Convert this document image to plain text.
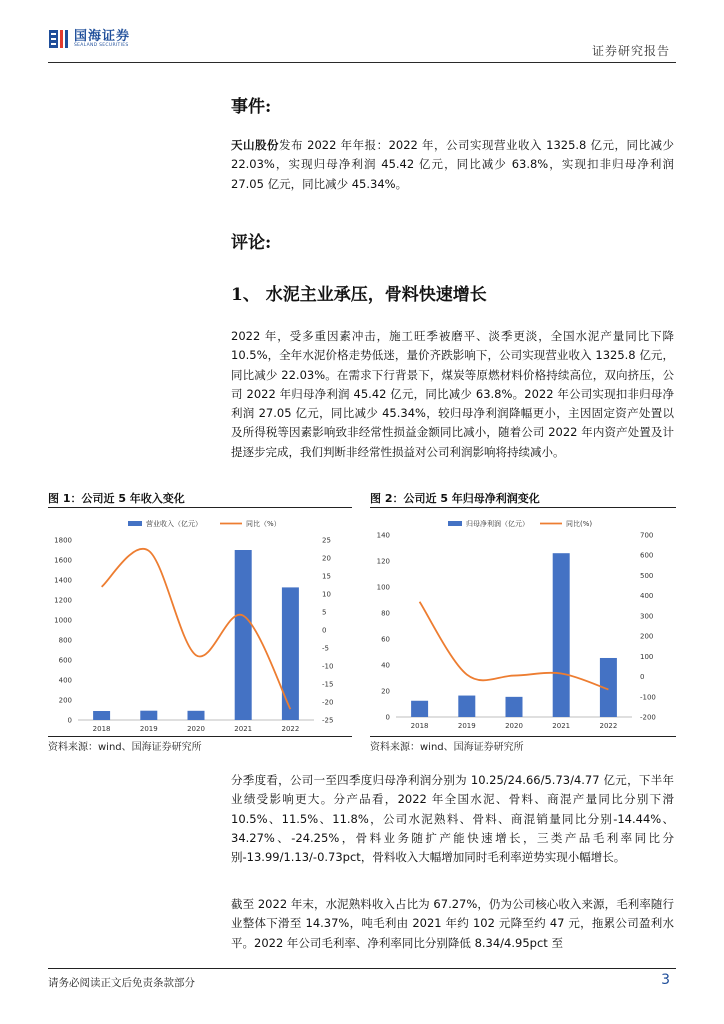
国海证券
SEALAND SECURITIES	证券研究报告
事件:
天山股份发布 2022 年年报：2022 年，公司实现营业收入 1325.8 亿元，同比减少 22.03%，实现归母净利润 45.42 亿元，同比减少 63.8%，实现扣非归母净利润 27.05 亿元，同比减少 45.34%。
评论:
1、 水泥主业承压，骨料快速增长
2022 年，受多重因素冲击，施工旺季被磨平、淡季更淡，全国水泥产量同比下降 10.5%，全年水泥价格走势低迷，量价齐跌影响下，公司实现营业收入 1325.8 亿元，同比减少 22.03%。在需求下行背景下，煤炭等原燃材料价格持续高位，双向挤压，公司 2022 年归母净利润 45.42 亿元，同比减少 63.8%。2022 年公司实现扣非归母净利润 27.05 亿元，同比减少 45.34%，较归母净利润降幅更小，主因固定资产处置以及所得税等因素影响致非经常性损益金额同比减小，随着公司 2022 年内资产处置及计提逐步完成，我们判断非经常性损益对公司利润影响将持续减小。
图 1：公司近 5 年收入变化	图 2：公司近 5 年归母净利润变化
0
200
400
600
800
1000
1200
1400
1600
1800
-25
-20
-15
-10
-5
0
5
10
15
20
25
2018	2019	2020	2021	2022
营业收入（亿元）	同比（%）
0
20
40
60
80
100
120
140
-200
-100
0
100
200
300
400
500
600
700
2018	2019	2020	2021	2022
归母净利润（亿元）	同比(%)
资料来源：wind、国海证券研究所	资料来源：wind、国海证券研究所
分季度看，公司一至四季度归母净利润分别为 10.25/24.66/5.73/4.77 亿元，下半年业绩受影响更大。分产品看，2022 年全国水泥、骨料、商混产量同比分别下滑 10.5%、11.5%、11.8%，公司水泥熟料、骨料、商混销量同比分别-14.44%、34.27%、-24.25%，骨料业务随扩产能快速增长，三类产品毛利率同比分别-13.99/1.13/-0.73pct，骨料收入大幅增加同时毛利率逆势实现小幅增长。
截至 2022 年末，水泥熟料收入占比为 67.27%，仍为公司核心收入来源，毛利率随行业整体下滑至 14.37%，吨毛利由 2021 年约 102 元降至约 47 元，拖累公司盈利水平。2022 年公司毛利率、净利率同比分别降低 8.34/4.95pct 至
请务必阅读正文后免责条款部分	3
